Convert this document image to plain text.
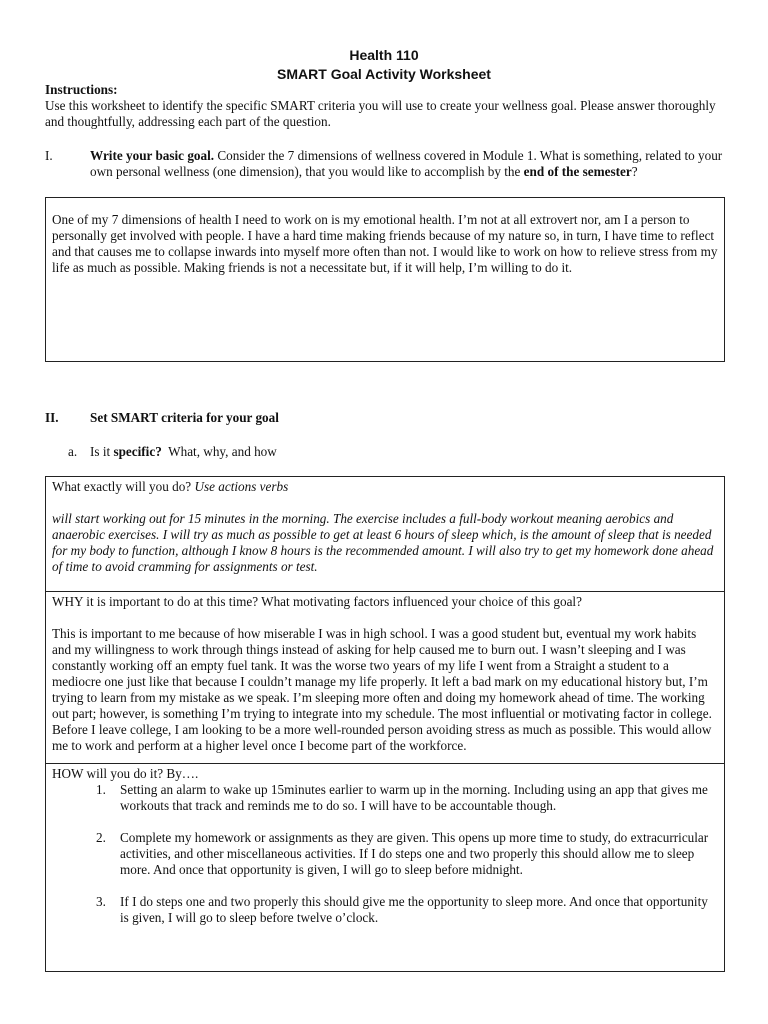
Health 110
SMART Goal Activity Worksheet
Instructions:
Use this worksheet to identify the specific SMART criteria you will use to create your wellness goal. Please answer thoroughly and thoughtfully, addressing each part of the question.
I.	Write your basic goal. Consider the 7 dimensions of wellness covered in Module 1. What is something, related to your own personal wellness (one dimension), that you would like to accomplish by the end of the semester?

One of my 7 dimensions of health I need to work on is my emotional health. I’m not at all extrovert nor, am I a person to personally get involved with people. I have a hard time making friends because of my nature so, in turn, I have time to reflect and that causes me to collapse inwards into myself more often than not. I would like to work on how to relieve stress from my life as much as possible. Making friends is not a necessitate but, if it will help, I’m willing to do it.

II. Set SMART criteria for your goal
a. Is it specific?  What, why, and how

What exactly will you do? Use actions verbs

will start working out for 15 minutes in the morning. The exercise includes a full-body workout meaning aerobics and anaerobic exercises. I will try as much as possible to get at least 6 hours of sleep which, is the amount of sleep that is needed for my body to function, although I know 8 hours is the recommended amount. I will also try to get my homework done ahead of time to avoid cramming for assignments or test.

WHY it is important to do at this time? What motivating factors influenced your choice of this goal?

This is important to me because of how miserable I was in high school. I was a good student but, eventual my work habits and my willingness to work through things instead of asking for help caused me to burn out. I wasn’t sleeping and I was constantly working off an empty fuel tank. It was the worse two years of my life I went from a Straight a student to a mediocre one just like that because I couldn’t manage my life properly. It left a bad mark on my educational history but, I’m trying to learn from my mistake as we speak. I’m sleeping more often and doing my homework ahead of time. The working out part; however, is something I’m trying to integrate into my schedule. The most influential or motivating factor in college. Before I leave college, I am looking to be a more well-rounded person avoiding stress as much as possible. This would allow me to work and perform at a higher level once I become part of the workforce.

HOW will you do it? By….

1. Setting an alarm to wake up 15minutes earlier to warm up in the morning. Including using an app that gives me workouts that track and reminds me to do so. I will have to be accountable though.
2. Complete my homework or assignments as they are given. This opens up more time to study, do extracurricular activities, and other miscellaneous activities. If I do steps one and two properly this should allow me to sleep more. And once that opportunity is given, I will go to sleep before midnight.
3. If I do steps one and two properly this should give me the opportunity to sleep more. And once that opportunity is given, I will go to sleep before twelve o’clock.
